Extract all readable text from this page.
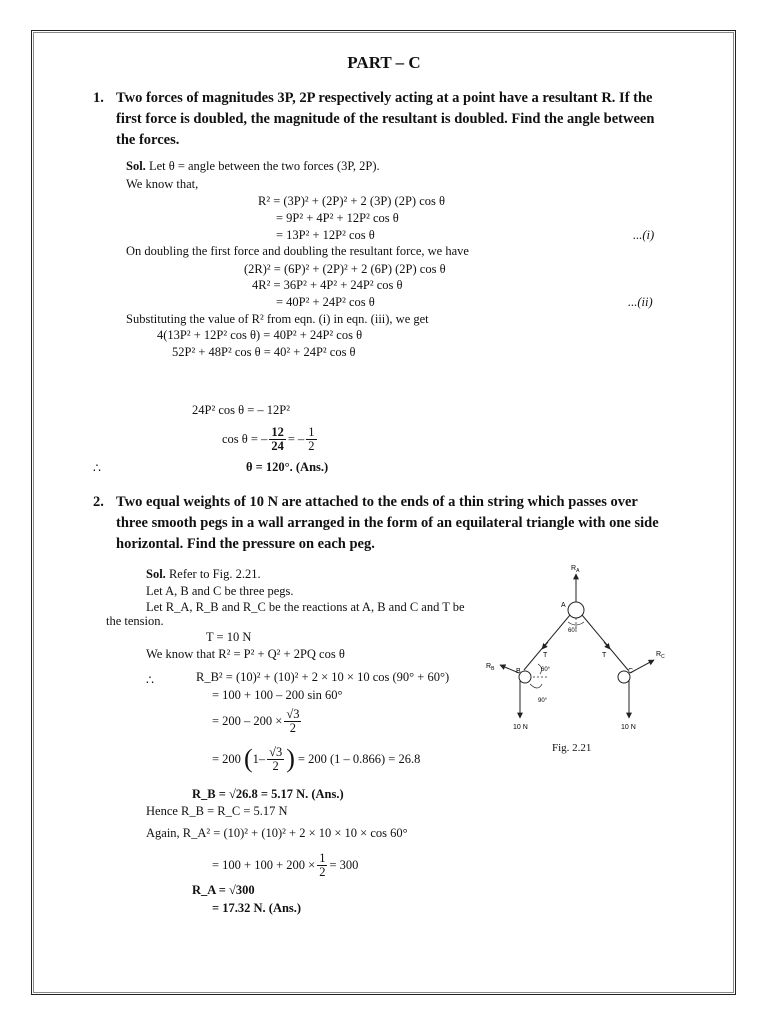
PART – C
1. Two forces of magnitudes 3P, 2P respectively acting at a point have a resultant R. If the
first force is doubled, the magnitude of the resultant is doubled. Find the angle between
the forces.
Sol. Let θ = angle between the two forces (3P, 2P).
We know that,
R² = (3P)² + (2P)² + 2 (3P) (2P) cos θ
= 9P² + 4P² + 12P² cos θ
= 13P² + 12P² cos θ	...(i)
On doubling the first force and doubling the resultant force, we have
(2R)² = (6P)² + (2P)² + 2 (6P) (2P) cos θ
4R² = 36P² + 4P² + 24P² cos θ
= 40P² + 24P² cos θ	...(ii)
Substituting the value of R² from eqn. (i) in eqn. (iii), we get
4(13P² + 12P² cos θ) = 40P² + 24P² cos θ
52P² + 48P² cos θ = 40² + 24P² cos θ
24P² cos θ = – 12P²
cos θ = – $\frac{12}{24}$ = – $\frac{1}{2}$
∴	θ = 120°. (Ans.)
2. Two equal weights of 10 N are attached to the ends of a thin string which passes over
three smooth pegs in a wall arranged in the form of an equilateral triangle with one side
horizontal. Find the pressure on each peg.
Sol. Refer to Fig. 2.21.
Let A, B and C be three pegs.
Let R_A, R_B and R_C be the reactions at A, B and C and T be
the tension.
T = 10 N
We know that R² = P² + Q² + 2PQ cos θ
∴	R_B² = (10)² + (10)² + 2 × 10 × 10 cos (90° + 60°)
= 100 + 100 – 200 sin 60°
= $200 - 200 \times \frac{√3}{2}$
= 200 ( $1- \frac{√3}{2}$ ) = 200 (1 – 0.866) = 26.8
R_B = √26.8 = 5.17 N. (Ans.)
Hence R_B = R_C = 5.17 N
Again, R_A² = (10)² + (10)² + 2 × 10 × 10 × cos 60°
= $100 + 100 + 200 \times \frac{1}{2} = 300$
R_A = √300
= 17.32 N. (Ans.)
$R_A$
A
60°
B
T
60°
90°
$R_B$
10 N
C
T	$R_C$
10 N
Fig. 2.21
